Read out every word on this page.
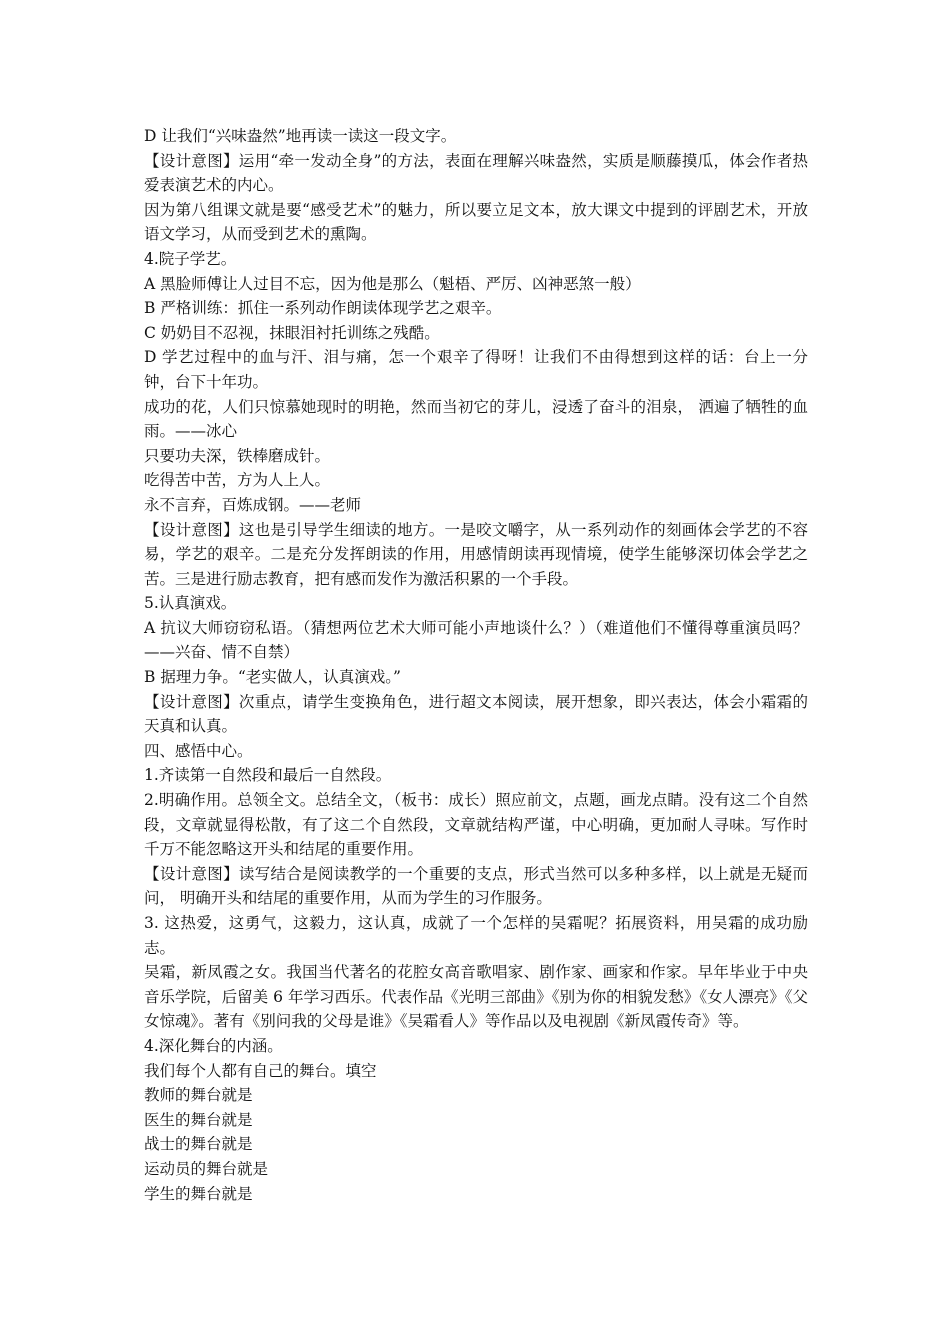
D 让我们“兴味盎然”地再读一读这一段文字。

【设计意图】运用“牵一发动全身”的方法，表面在理解兴味盎然，实质是顺藤摸瓜，体会作者热爱表演艺术的内心。

因为第八组课文就是要“感受艺术”的魅力，所以要立足文本，放大课文中提到的评剧艺术，开放语文学习，从而受到艺术的熏陶。

4.院子学艺。

A 黑脸师傅让人过目不忘，因为他是那么（魁梧、严厉、凶神恶煞一般）

B 严格训练：抓住一系列动作朗读体现学艺之艰辛。

C 奶奶目不忍视，抹眼泪衬托训练之残酷。

D 学艺过程中的血与汗、泪与痛，怎一个艰辛了得呀！让我们不由得想到这样的话：台上一分钟，台下十年功。

成功的花，人们只惊慕她现时的明艳，然而当初它的芽儿，浸透了奋斗的泪泉， 洒遍了牺牲的血雨。——冰心

只要功夫深，铁棒磨成针。

吃得苦中苦，方为人上人。

永不言弃，百炼成钢。——老师

【设计意图】这也是引导学生细读的地方。一是咬文嚼字，从一系列动作的刻画体会学艺的不容易，学艺的艰辛。二是充分发挥朗读的作用，用感情朗读再现情境，使学生能够深切体会学艺之苦。三是进行励志教育，把有感而发作为激活积累的一个手段。

5.认真演戏。

A 抗议大师窃窃私语。（猜想两位艺术大师可能小声地谈什么？）（难道他们不懂得尊重演员吗？——兴奋、情不自禁）

B 据理力争。“老实做人，认真演戏。”

【设计意图】次重点，请学生变换角色，进行超文本阅读，展开想象，即兴表达，体会小霜霜的天真和认真。

四、感悟中心。

1.齐读第一自然段和最后一自然段。

2.明确作用。总领全文。总结全文，（板书：成长）照应前文，点题，画龙点睛。没有这二个自然段，文章就显得松散，有了这二个自然段，文章就结构严谨，中心明确，更加耐人寻味。写作时千万不能忽略这开头和结尾的重要作用。

【设计意图】读写结合是阅读教学的一个重要的支点，形式当然可以多种多样，以上就是无疑而问， 明确开头和结尾的重要作用，从而为学生的习作服务。

3. 这热爱，这勇气，这毅力，这认真，成就了一个怎样的吴霜呢？拓展资料，用吴霜的成功励志。

吴霜，新凤霞之女。我国当代著名的花腔女高音歌唱家、剧作家、画家和作家。早年毕业于中央音乐学院，后留美 6 年学习西乐。代表作品《光明三部曲》《别为你的相貌发愁》《女人漂亮》《父女惊魂》。著有《别问我的父母是谁》《吴霜看人》等作品以及电视剧《新凤霞传奇》等。

4.深化舞台的内涵。

我们每个人都有自己的舞台。填空

教师的舞台就是

医生的舞台就是

战士的舞台就是

运动员的舞台就是

学生的舞台就是
